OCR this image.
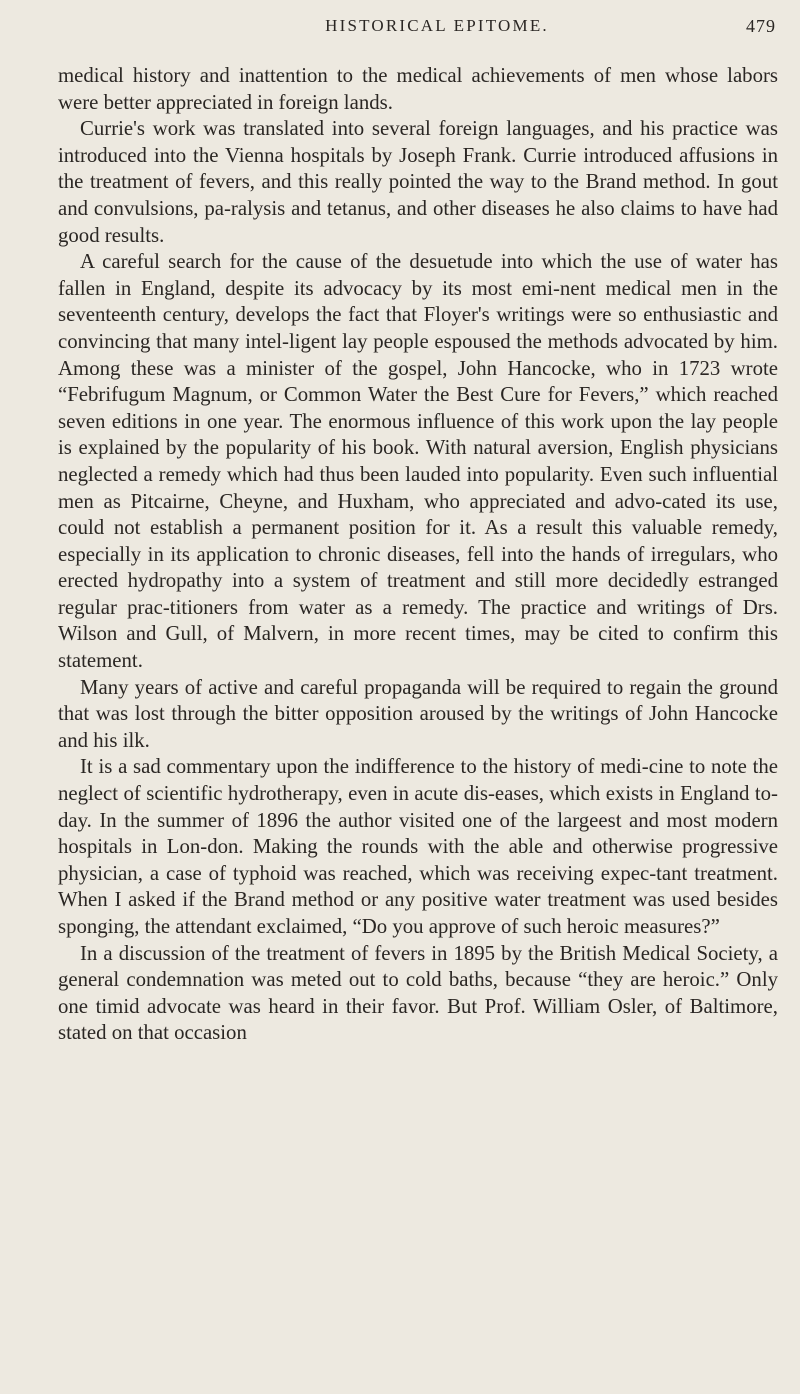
HISTORICAL EPITOME.	479

medical history and inattention to the medical achievements of men whose labors were better appreciated in foreign lands.

Currie's work was translated into several foreign languages, and his practice was introduced into the Vienna hospitals by Joseph Frank. Currie introduced affusions in the treatment of fevers, and this really pointed the way to the Brand method. In gout and convulsions, pa-ralysis and tetanus, and other diseases he also claims to have had good results.

A careful search for the cause of the desuetude into which the use of water has fallen in England, despite its advocacy by its most emi-nent medical men in the seventeenth century, develops the fact that Floyer's writings were so enthusiastic and convincing that many intel-ligent lay people espoused the methods advocated by him. Among these was a minister of the gospel, John Hancocke, who in 1723 wrote “Febrifugum Magnum, or Common Water the Best Cure for Fevers,” which reached seven editions in one year. The enormous influence of this work upon the lay people is explained by the popularity of his book. With natural aversion, English physicians neglected a remedy which had thus been lauded into popularity. Even such influential men as Pitcairne, Cheyne, and Huxham, who appreciated and advo-cated its use, could not establish a permanent position for it. As a result this valuable remedy, especially in its application to chronic diseases, fell into the hands of irregulars, who erected hydropathy into a system of treatment and still more decidedly estranged regular prac-titioners from water as a remedy. The practice and writings of Drs. Wilson and Gull, of Malvern, in more recent times, may be cited to confirm this statement.

Many years of active and careful propaganda will be required to regain the ground that was lost through the bitter opposition aroused by the writings of John Hancocke and his ilk.

It is a sad commentary upon the indifference to the history of medi-cine to note the neglect of scientific hydrotherapy, even in acute dis-eases, which exists in England to-day. In the summer of 1896 the author visited one of the largeest and most modern hospitals in Lon-don. Making the rounds with the able and otherwise progressive physician, a case of typhoid was reached, which was receiving expec-tant treatment. When I asked if the Brand method or any positive water treatment was used besides sponging, the attendant exclaimed, “Do you approve of such heroic measures?”

In a discussion of the treatment of fevers in 1895 by the British Medical Society, a general condemnation was meted out to cold baths, because “they are heroic.” Only one timid advocate was heard in their favor. But Prof. William Osler, of Baltimore, stated on that occasion
